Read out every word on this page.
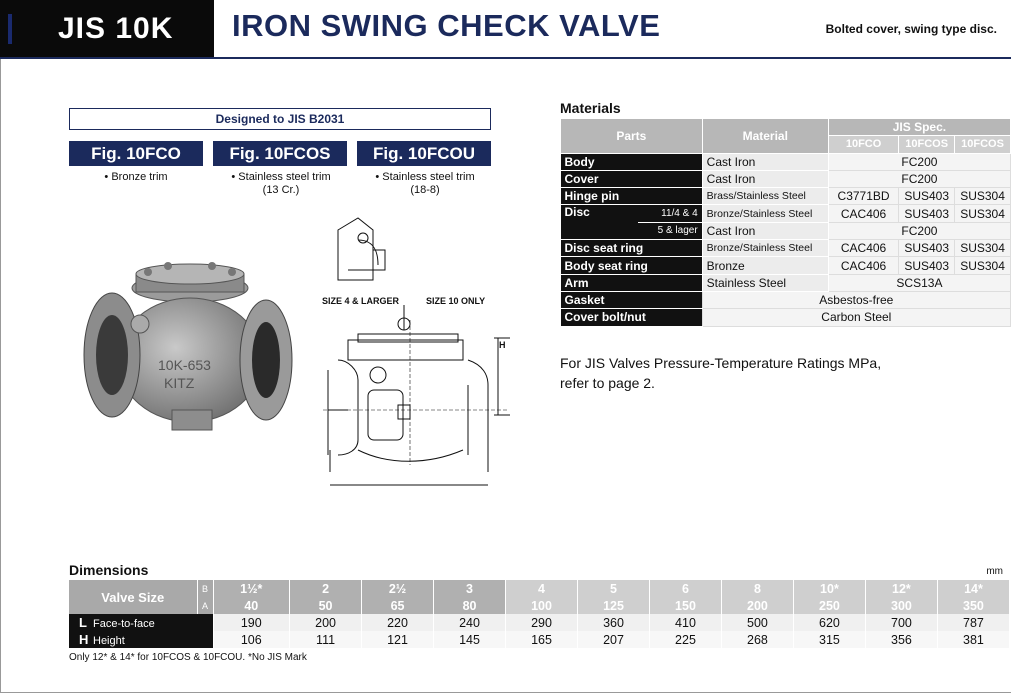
JIS 10K	IRON SWING CHECK VALVE	Bolted cover, swing type disc.
Designed to JIS B2031
Fig. 10FCO	Fig. 10FCOS	Fig. 10FCOU
• Bronze trim	• Stainless steel trim
(13 Cr.)
• Stainless steel trim
(18-8)
10K-653
KITZ
SIZE 4 & LARGER	SIZE 10 ONLY
H
Materials
Parts		Material	JIS Spec.		
			10FCO	10FCOS	10FCOS
Body		Cast Iron	FC200		
Cover		Cast Iron	FC200		
Hinge pin		Brass/Stainless Steel	C3771BD	SUS403	SUS304
Disc	11/4 & 4	Bronze/Stainless Steel	CAC406	SUS403	SUS304
	5 & lager	Cast Iron	FC200		
Disc seat ring		Bronze/Stainless Steel	CAC406	SUS403	SUS304
Body seat ring		Bronze	CAC406	SUS403	SUS304
Arm		Stainless Steel	SCS13A		
Gasket		Asbestos-free			
Cover bolt/nut		Carbon Steel			
For JIS Valves Pressure-Temperature Ratings MPa,
refer to page 2.
Dimensions	mm
Valve Size	B	1½*	2	2½	3	4	5	6	8	10*	12*	14*
	A	40	50	65	80	100	125	150	200	250	300	350
L Face-to-face		190	200	220	240	290	360	410	500	620	700	787
H Height		106	111	121	145	165	207	225	268	315	356	381
Only 12* & 14* for 10FCOS & 10FCOU. *No JIS Mark
